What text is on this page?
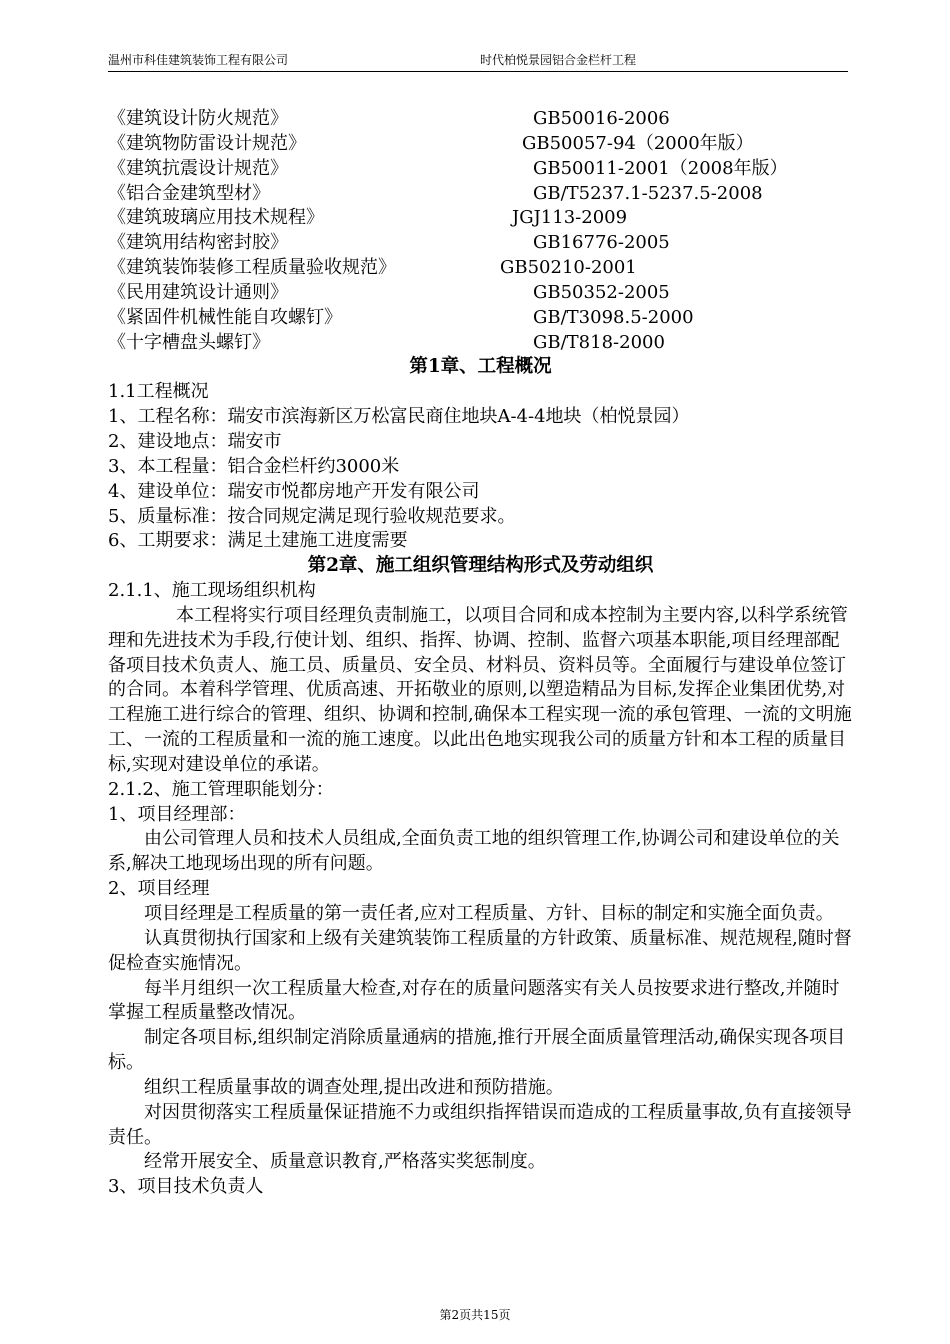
温州市科佳建筑装饰工程有限公司	时代柏悦景园铝合金栏杆工程
《建筑设计防火规范》	GB50016-2006
《建筑物防雷设计规范》	GB50057-94（2000年版）
《建筑抗震设计规范》	GB50011-2001（2008年版）
《铝合金建筑型材》	GB/T5237.1-5237.5-2008
《建筑玻璃应用技术规程》	JGJ113-2009
《建筑用结构密封胶》	GB16776-2005
《建筑装饰装修工程质量验收规范》	GB50210-2001
《民用建筑设计通则》	GB50352-2005
《紧固件机械性能自攻螺钉》	GB/T3098.5-2000
《十字槽盘头螺钉》	GB/T818-2000
第1章、工程概况
1.1工程概况
1、工程名称：瑞安市滨海新区万松富民商住地块A-4-4地块（柏悦景园）
2、建设地点：瑞安市
3、本工程量：铝合金栏杆约3000米
4、建设单位：瑞安市悦都房地产开发有限公司
5、质量标准：按合同规定满足现行验收规范要求。
6、工期要求：满足土建施工进度需要
第2章、施工组织管理结构形式及劳动组织
2.1.1、施工现场组织机构

本工程将实行项目经理负责制施工，以项目合同和成本控制为主要内容,以科学系统管理和先进技术为手段,行使计划、组织、指挥、协调、控制、监督六项基本职能,项目经理部配备项目技术负责人、施工员、质量员、安全员、材料员、资料员等。全面履行与建设单位签订的合同。本着科学管理、优质高速、开拓敬业的原则,以塑造精品为目标,发挥企业集团优势,对工程施工进行综合的管理、组织、协调和控制,确保本工程实现一流的承包管理、一流的文明施工、一流的工程质量和一流的施工速度。以此出色地实现我公司的质量方针和本工程的质量目标,实现对建设单位的承诺。

2.1.2、施工管理职能划分：
1、项目经理部：

由公司管理人员和技术人员组成,全面负责工地的组织管理工作,协调公司和建设单位的关系,解决工地现场出现的所有问题。

2、项目经理

项目经理是工程质量的第一责任者,应对工程质量、方针、目标的制定和实施全面负责。

认真贯彻执行国家和上级有关建筑装饰工程质量的方针政策、质量标准、规范规程,随时督促检查实施情况。

每半月组织一次工程质量大检查,对存在的质量问题落实有关人员按要求进行整改,并随时掌握工程质量整改情况。

制定各项目标,组织制定消除质量通病的措施,推行开展全面质量管理活动,确保实现各项目标。

组织工程质量事故的调查处理,提出改进和预防措施。

对因贯彻落实工程质量保证措施不力或组织指挥错误而造成的工程质量事故,负有直接领导责任。

经常开展安全、质量意识教育,严格落实奖惩制度。

3、项目技术负责人
第2页共15页
